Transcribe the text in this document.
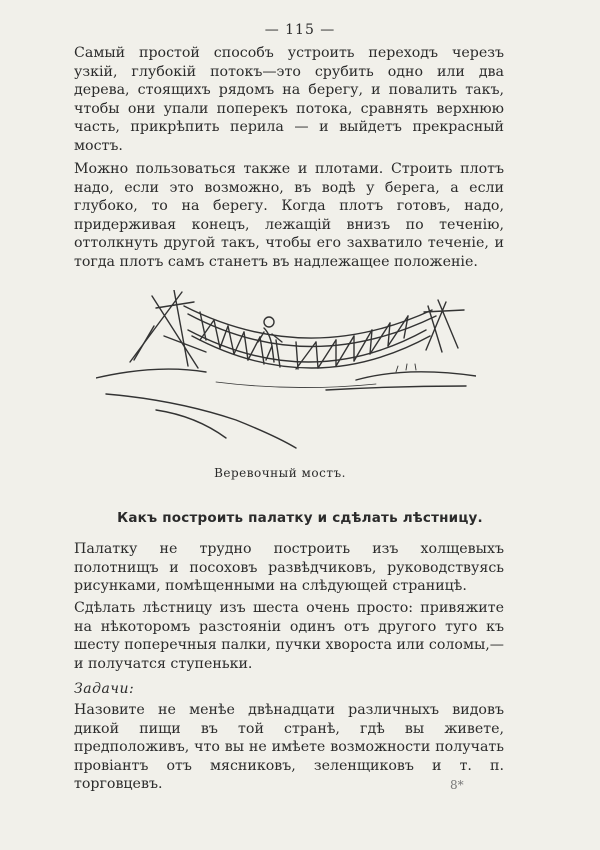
— 115 —

Самый простой способъ устроить переходъ черезъ узкій, глубокій потокъ—это срубить одно или два дерева, стоящихъ рядомъ на берегу, и повалить такъ, чтобы они упали поперекъ потока, сравнять верхнюю часть, прикрѣпить перила — и выйдетъ прекрасный мостъ.

Можно пользоваться также и плотами. Строить плотъ надо, если это возможно, въ водѣ у берега, а если глубоко, то на берегу. Когда плотъ готовъ, надо, придерживая конецъ, лежащій внизъ по теченію, оттолкнуть другой такъ, чтобы его захватило теченіе, и тогда плотъ самъ станетъ въ надлежащее положеніе.

Веревочный мостъ.
Какъ построить палатку и сдѣлать лѣстницу.

Палатку не трудно построить изъ холщевыхъ полотнищъ и посоховъ развѣдчиковъ, руководствуясь рисунками, помѣщенными на слѣдующей страницѣ.

Сдѣлать лѣстницу изъ шеста очень просто: привяжите на нѣкоторомъ разстояніи одинъ отъ другого туго къ шесту поперечныя палки, пучки хвороста или соломы,—и получатся ступеньки.

Задачи:

Назовите не менѣе двѣнадцати различныхъ видовъ дикой пищи въ той странѣ, гдѣ вы живете, предположивъ, что вы не имѣете возможности получать провіантъ отъ мясниковъ, зеленщиковъ и т. п. торговцевъ.	8*
